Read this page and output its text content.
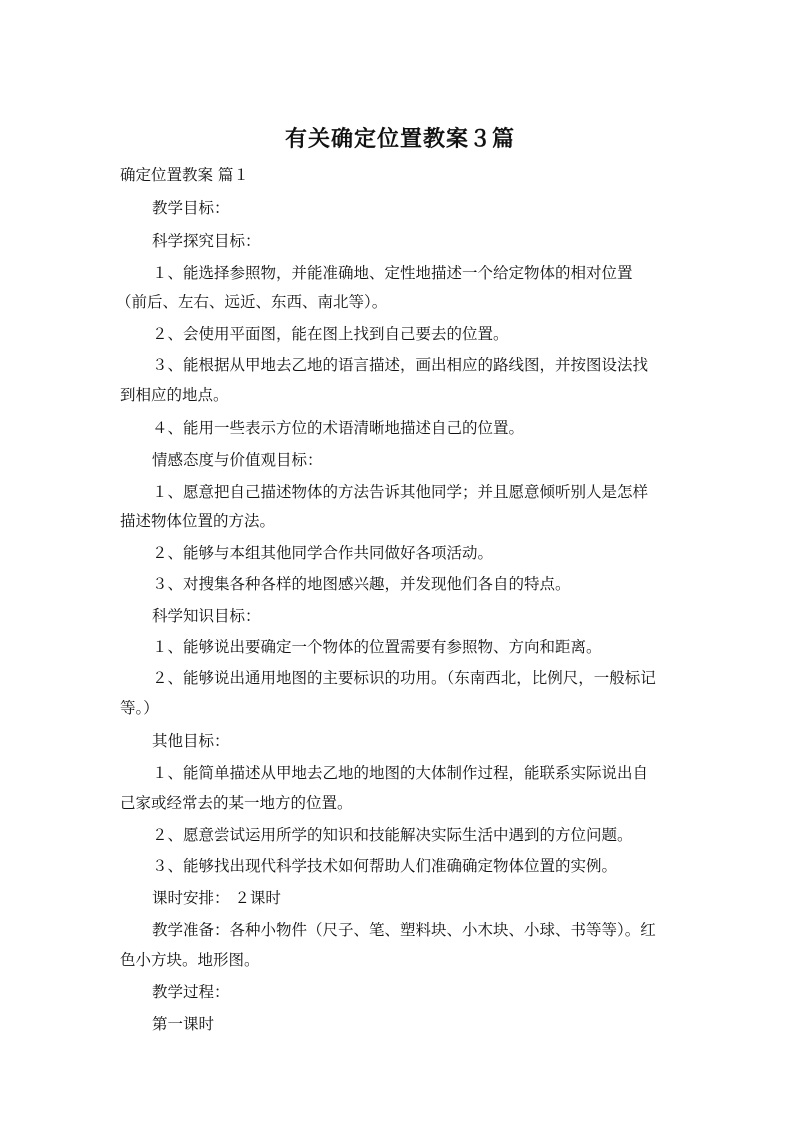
有关确定位置教案３篇
确定位置教案 篇１
教学目标：
科学探究目标：
１、能选择参照物，并能准确地、定性地描述一个给定物体的相对位置
（前后、左右、远近、东西、南北等）。
２、会使用平面图，能在图上找到自己要去的位置。
３、能根据从甲地去乙地的语言描述，画出相应的路线图，并按图设法找
到相应的地点。
４、能用一些表示方位的术语清晰地描述自己的位置。
情感态度与价值观目标：
１、愿意把自己描述物体的方法告诉其他同学；并且愿意倾听别人是怎样
描述物体位置的方法。
２、能够与本组其他同学合作共同做好各项活动。
３、对搜集各种各样的地图感兴趣，并发现他们各自的特点。
科学知识目标：
１、能够说出要确定一个物体的位置需要有参照物、方向和距离。
２、能够说出通用地图的主要标识的功用。（东南西北，比例尺，一般标记
等。）
其他目标：
１、能简单描述从甲地去乙地的地图的大体制作过程，能联系实际说出自
己家或经常去的某一地方的位置。
２、愿意尝试运用所学的知识和技能解决实际生活中遇到的方位问题。
３、能够找出现代科学技术如何帮助人们准确确定物体位置的实例。
课时安排： ２课时
教学准备：各种小物件（尺子、笔、塑料块、小木块、小球、书等等）。红
色小方块。地形图。
教学过程：
第一课时
